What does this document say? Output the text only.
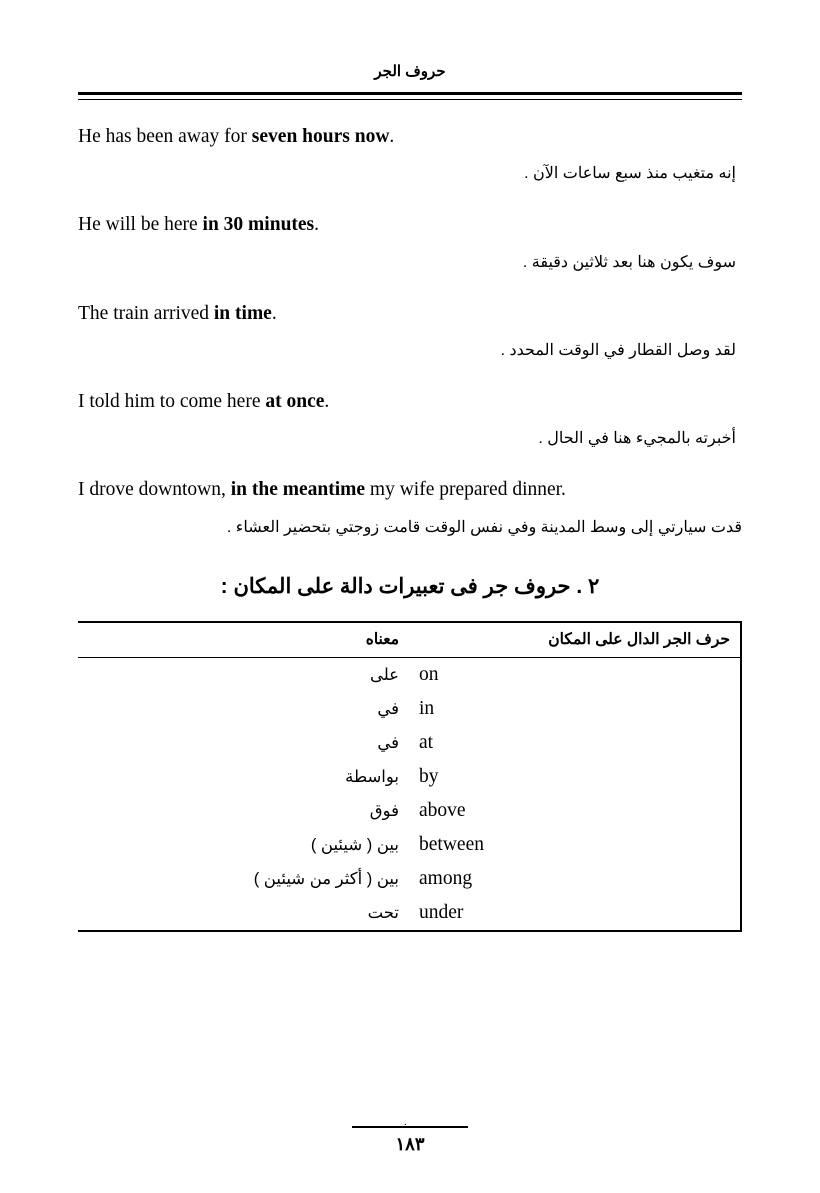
حروف الجر
He has been away for seven hours now.
إنه متغيب منذ سبع ساعات الآن .
He will be here in 30 minutes.
سوف يكون هنا بعد ثلاثين دقيقة .
The train arrived in time.
لقد وصل القطار في الوقت المحدد .
I told him to come here at once.
أخبرته بالمجيء هنا في الحال .
I drove downtown, in the meantime my wife prepared dinner.
قدت سيارتي إلى وسط المدينة وفي نفس الوقت قامت زوجتي بتحضير العشاء .
٢ . حروف جر فى تعبيرات دالة على المكان :
معناه	حرف الجر الدال على المكان
على	on
في	in
في	at
بواسطة	by
فوق	above
بين ( شيئين )	between
بين ( أكثر من شيئين )	among
تحت	under
.
١٨٣
